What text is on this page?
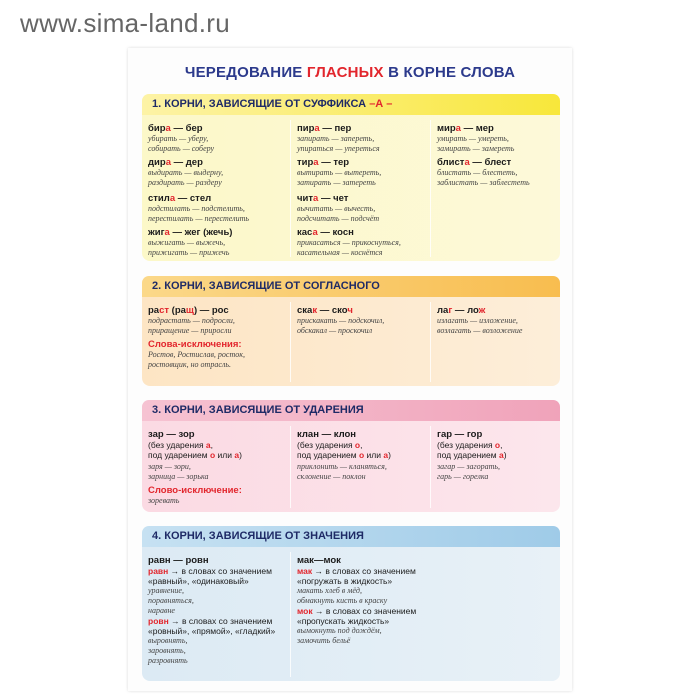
www.sima-land.ru
ЧЕРЕДОВАНИЕ ГЛАСНЫХ В КОРНЕ СЛОВА
1. КОРНИ, ЗАВИСЯЩИЕ ОТ СУФФИКСА –А –
бира — бер
убирать — уберу,
собирать — соберу
дира — дер
выдирать — выдерну,
раздирать — раздеру
стила — стел
подстилать — подстелить,
перестилать — перестелить
жига — жег (жечь)
выжигать — выжечь,
прижигать — прижечь
пира — пер
запирать — запереть,
упираться — упереться
тира — тер
вытирать — вытереть,
затирать — затереть
чита — чет
вычитать — вычесть,
подсчитать — подсчёт
каса — косн
прикасаться — прикоснуться,
касательная — коснётся
мира — мер
умирать — умереть,
замирать — замереть
блиста — блест
блистать — блестеть,
заблистать — заблестеть
2. КОРНИ, ЗАВИСЯЩИЕ ОТ СОГЛАСНОГО
раст (ращ) — рос
подрастать — подросли,
приращение — приросли
Слова-исключения:
Ростов, Ростислав, росток,
ростовщик, но отрасль.
скак — скоч
прискакать — подскочил,
обскакал — проскочил
лаг — лож
излагать — изложение,
возлагать — возложение
3. КОРНИ, ЗАВИСЯЩИЕ ОТ УДАРЕНИЯ
зар — зор
(без ударения а,
под ударением о или а)
заря — зори,
зарница — зорька
Слово-исключение:
зоревать
клан — клон
(без ударения о,
под ударением о или а)
приклонить — кланяться,
склонение — поклон
гар — гор
(без ударения о,
под ударением а)
загар — загорать,
гарь — горелка
4. КОРНИ, ЗАВИСЯЩИЕ ОТ ЗНАЧЕНИЯ
равн — ровн
равн → в словах со значением
«равный», «одинаковый»
уравнение,
поравняться,
наравне
ровн → в словах со значением
«ровный», «прямой», «гладкий»
выровнять,
заровнять,
разровнять
мак—мок
мак → в словах со значением
«погружать в жидкость»
макать хлеб в мёд,
обмакнуть кисть в краску
мок → в словах со значением
«пропускать жидкость»
вымокнуть под дождём,
замочить бельё
